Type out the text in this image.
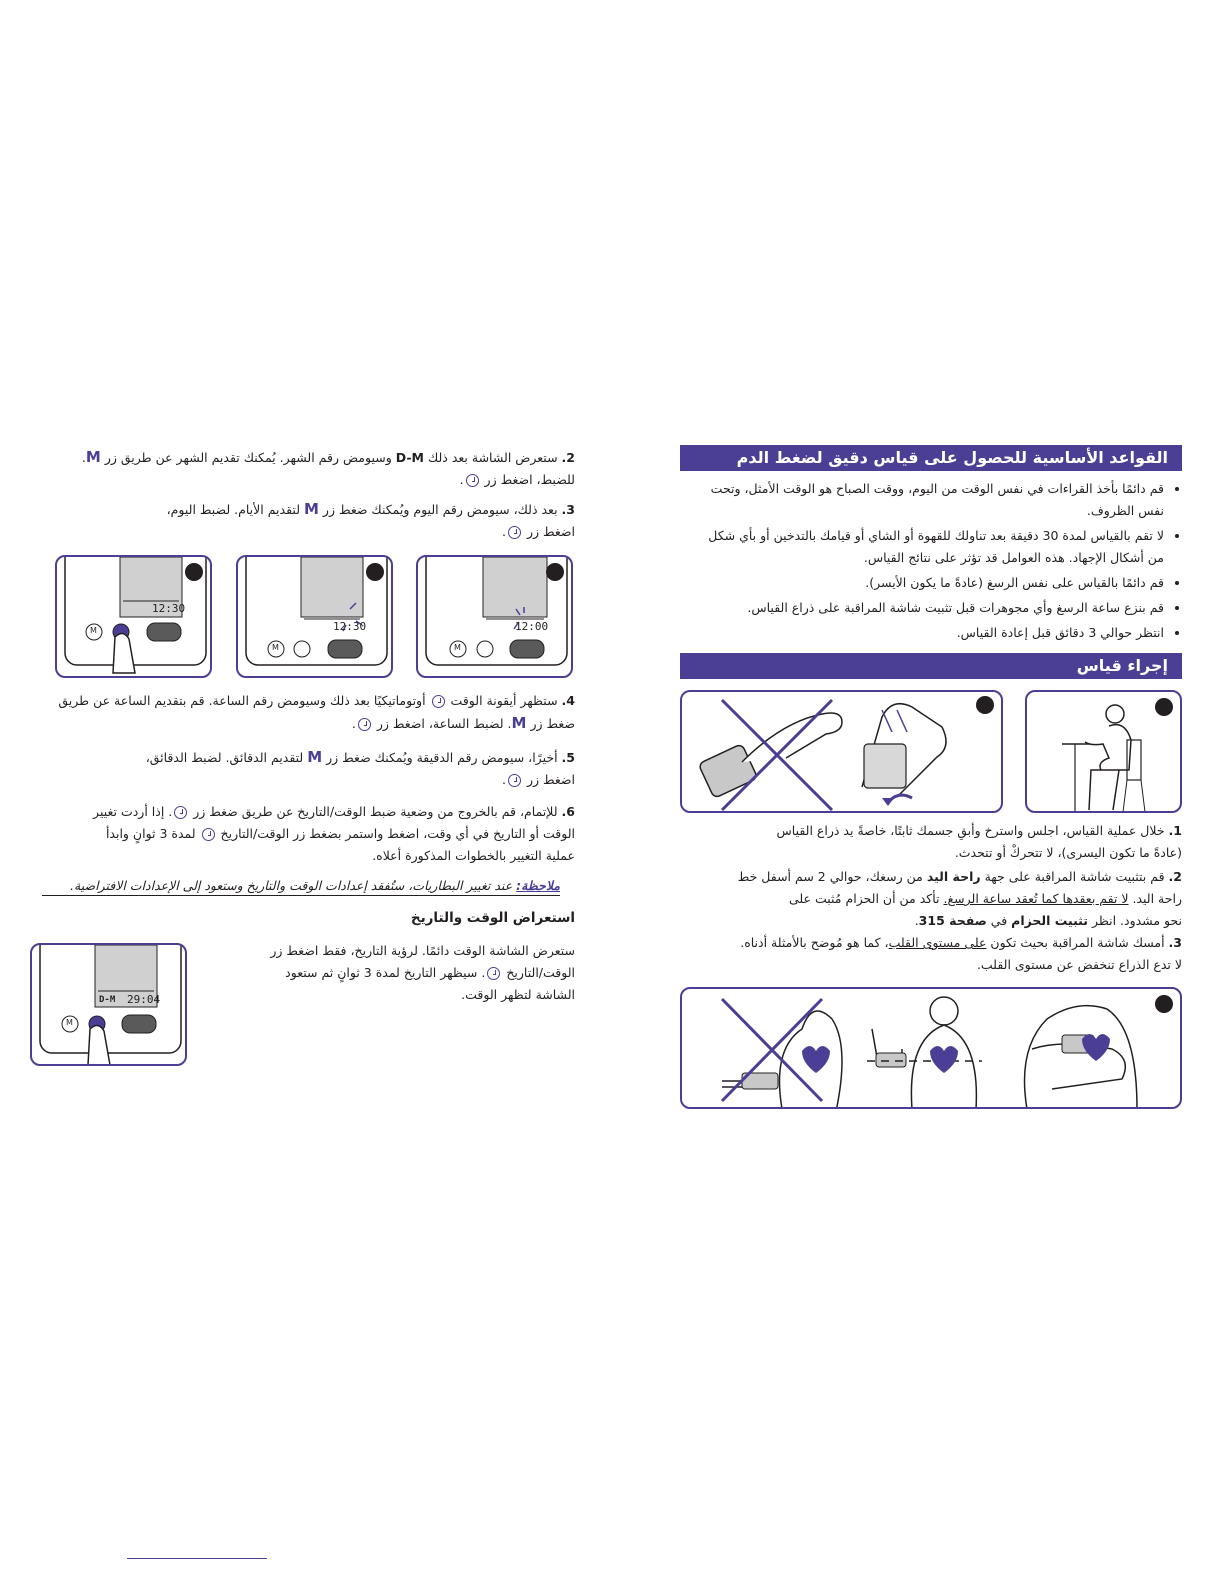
2. ستعرض الشاشة بعد ذلك D-M وسيومض رقم الشهر. يُمكنك تقديم الشهر عن طريق زر M.
للضبط، اضغط زر .
3. بعد ذلك، سيومض رقم اليوم ويُمكنك ضغط زر M لتقديم الأيام. لضبط اليوم،
اضغط زر .
12:30
M	12:30
M
12:00
M
4. ستظهر أيقونة الوقت  أوتوماتيكيًا بعد ذلك وسيومض رقم الساعة. قم بتقديم الساعة عن طريق
ضغط زر M. لضبط الساعة، اضغط زر .
5. أخيرًا، سيومض رقم الدقيقة ويُمكنك ضغط زر M لتقديم الدقائق. لضبط الدقائق،
اضغط زر .
6. للإتمام، قم بالخروج من وضعية ضبط الوقت/التاريخ عن طريق ضغط زر . إذا أردت تغيير
الوقت أو التاريخ في أي وقت، اضغط واستمر بضغط زر الوقت/التاريخ  لمدة 3 ثوانٍ وابدأ
عملية التغيير بالخطوات المذكورة أعلاه.
ملاحظة: عند تغيير البطاريات، ستُفقد إعدادات الوقت والتاريخ وستعود إلى الإعدادات الافتراضية.
استعراض الوقت والتاريخ
ستعرض الشاشة الوقت دائمًا. لرؤية التاريخ، فقط اضغط زر
الوقت/التاريخ . سيظهر التاريخ لمدة 3 ثوانٍ ثم ستعود
الشاشة لتظهر الوقت.
D-M 29:04
M
القواعد الأساسية للحصول على قياس دقيق لضغط الدم
• قم دائمًا بأخذ القراءات في نفس الوقت من اليوم، ووقت الصباح هو الوقت الأمثل، وتحت نفس الظروف.
• لا تقم بالقياس لمدة 30 دقيقة بعد تناولك للقهوة أو الشاي أو قيامك بالتدخين أو بأي شكل من أشكال الإجهاد. هذه العوامل قد تؤثر على نتائج القياس.
• قم دائمًا بالقياس على نفس الرسغ (عادةً ما يكون الأيسر).
• قم بنزع ساعة الرسغ وأي مجوهرات قبل تثبيت شاشة المراقبة على ذراع القياس.
• انتظر حوالي 3 دقائق قبل إعادة القياس.
إجراء قياس
1. خلال عملية القياس، اجلس واسترخ وأبقِ جسمك ثابتًا، خاصةً يد ذراع القياس
(عادةً ما تكون اليسرى)، لا تتحركْ أو تتحدث.
2. قم بتثبيت شاشة المراقبة على جهة راحة اليد من رسغك، حوالي 2 سم أسفل خط
راحة اليد. لا تقم بعقدها كما تُعقد ساعة الرسغ. تأكد من أن الحزام مُثبت على
نحو مشدود. انظر تثبيت الحزام في صفحة 315.
3. أمسك شاشة المراقبة بحيث تكون على مستوى القلب، كما هو مُوضح بالأمثلة أدناه.
لا تدع الذراع تنخفض عن مستوى القلب.
